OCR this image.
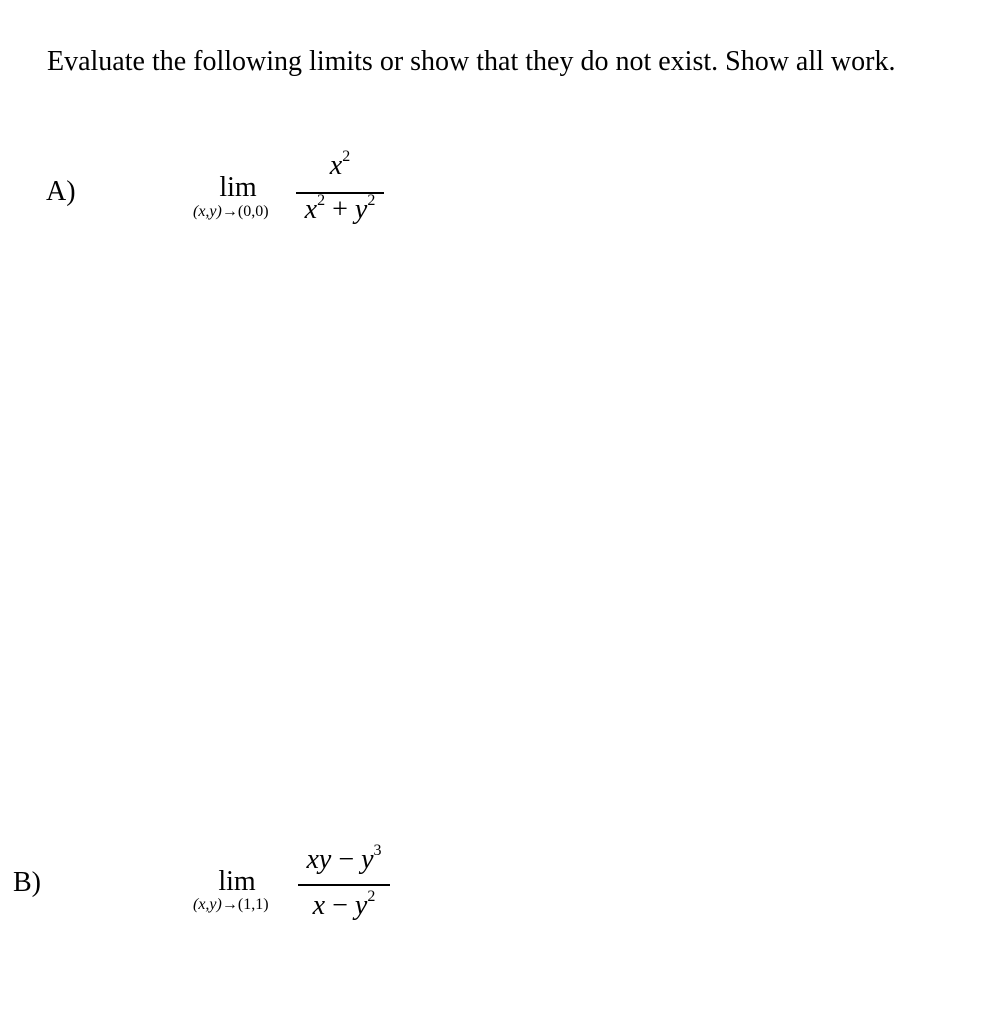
Evaluate the following limits or show that they do not exist. Show all work.
A)	lim
(x,y)→(0,0)
$x^2$
$x^2 + y^2$
B)	lim
(x,y)→(1,1)
xy − $y^3$
$x - y^2$
